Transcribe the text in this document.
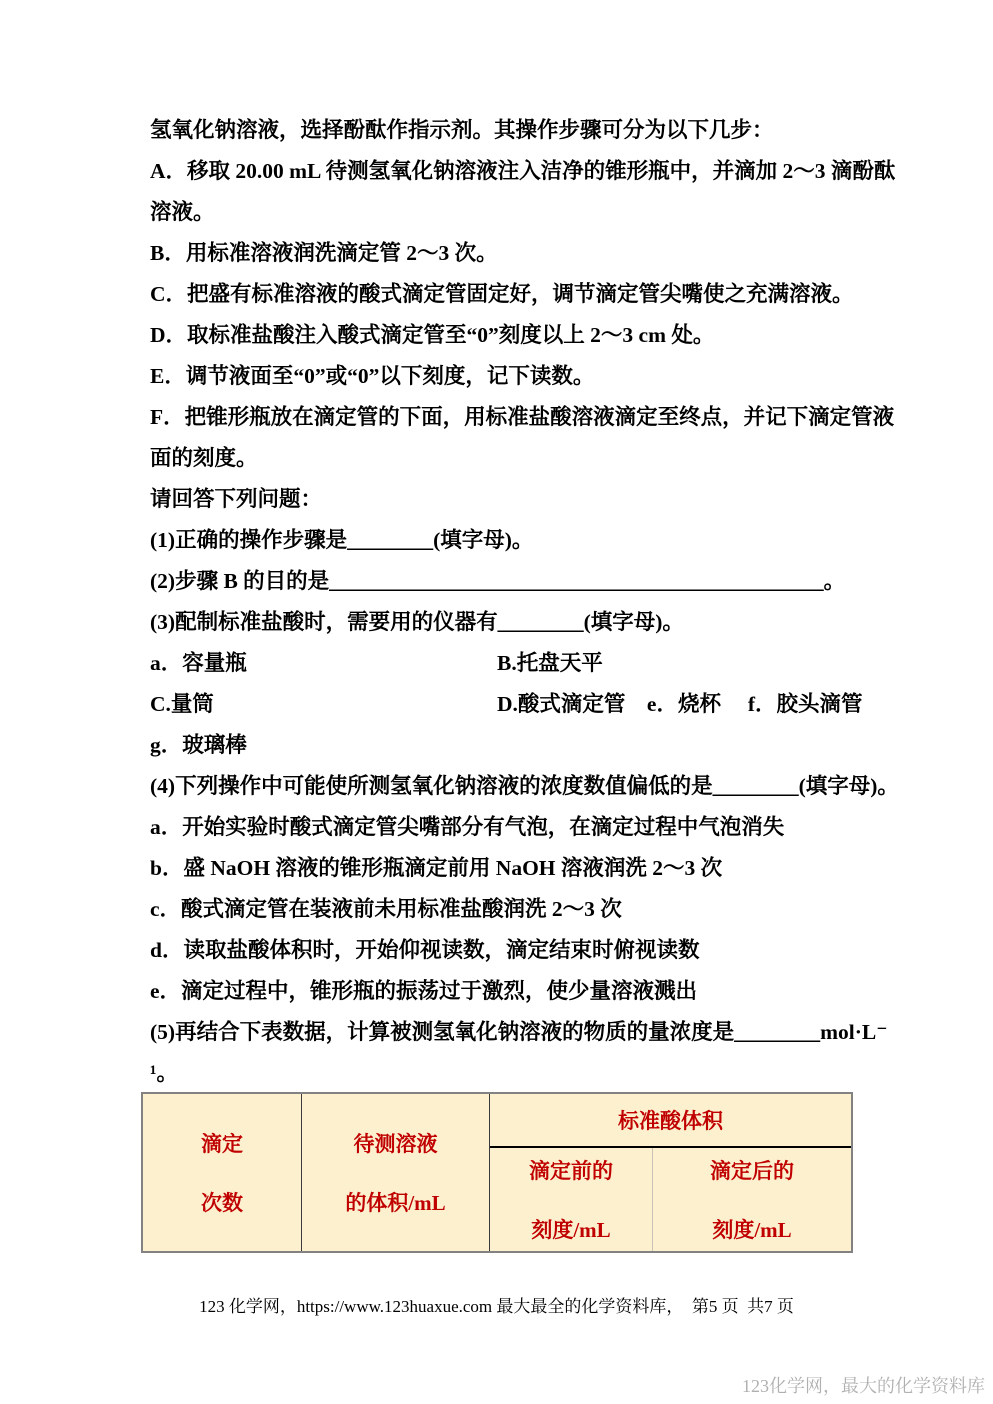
氢氧化钠溶液，选择酚酞作指示剂。其操作步骤可分为以下几步：
A．移取 20.00 mL 待测氢氧化钠溶液注入洁净的锥形瓶中，并滴加 2～3 滴酚酞
溶液。
B．用标准溶液润洗滴定管 2～3 次。
C．把盛有标准溶液的酸式滴定管固定好，调节滴定管尖嘴使之充满溶液。
D．取标准盐酸注入酸式滴定管至“0”刻度以上 2～3 cm 处。
E．调节液面至“0”或“0”以下刻度，记下读数。
F．把锥形瓶放在滴定管的下面，用标准盐酸溶液滴定至终点，并记下滴定管液
面的刻度。
请回答下列问题：
(1)正确的操作步骤是________(填字母)。
(2)步骤 B 的目的是______________________________________________。
(3)配制标准盐酸时，需要用的仪器有________(填字母)。
a．容量瓶	B.托盘天平
C.量筒	D.酸式滴定管　e．烧杯　 f．胶头滴管
g．玻璃棒
(4)下列操作中可能使所测氢氧化钠溶液的浓度数值偏低的是________(填字母)。
a．开始实验时酸式滴定管尖嘴部分有气泡，在滴定过程中气泡消失
b．盛 NaOH 溶液的锥形瓶滴定前用 NaOH 溶液润洗 2～3 次
c．酸式滴定管在装液前未用标准盐酸润洗 2～3 次
d．读取盐酸体积时，开始仰视读数，滴定结束时俯视读数
e．滴定过程中，锥形瓶的振荡过于激烈，使少量溶液溅出
(5)再结合下表数据，计算被测氢氧化钠溶液的物质的量浓度是________mol·L⁻
¹。
滴定
次数
待测溶液
的体积/mL
标准酸体积
滴定前的
刻度/mL
滴定后的
刻度/mL
123 化学网，https://www.123huaxue.com 最大最全的化学资料库，  第5 页  共7 页
123化学网，最大的化学资料库
